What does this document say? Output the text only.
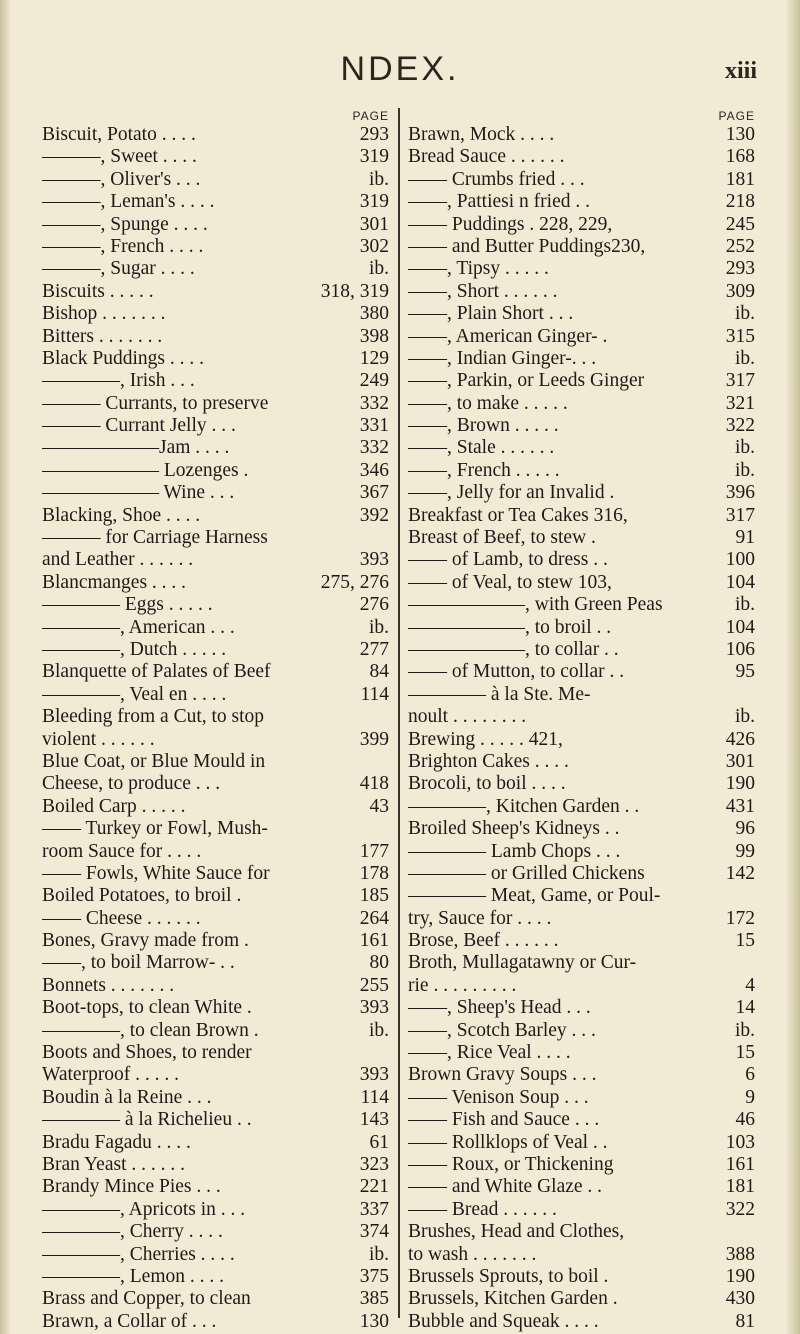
NDEX.	xiii
PAGE
Biscuit, Potato . . . .	293
———, Sweet . . . .	319
———, Oliver's . . .	ib.
———, Leman's . . . .	319
———, Spunge . . . .	301
———, French . . . .	302
———, Sugar . . . .	ib.
Biscuits . . . . .	318, 319
Bishop . . . . . . .	380
Bitters . . . . . . .	398
Black Puddings . . . .	129
————, Irish . . .	249
——— Currants, to preserve	332
——— Currant Jelly . . .	331
——————Jam . . . .	332
—————— Lozenges .	346
—————— Wine . . .	367
Blacking, Shoe . . . .	392
——— for Carriage Harness
and Leather . . . . . .	393
Blancmanges . . . .	275, 276
———— Eggs . . . . .	276
————, American . . .	ib.
————, Dutch . . . . .	277
Blanquette of Palates of Beef	84
————, Veal en . . . .	114
Bleeding from a Cut, to stop
violent . . . . . .	399
Blue Coat, or Blue Mould in
Cheese, to produce . . .	418
Boiled Carp . . . . .	43
—— Turkey or Fowl, Mush-
room Sauce for . . . .	177
—— Fowls, White Sauce for	178
Boiled Potatoes, to broil .	185
—— Cheese . . . . . .	264
Bones, Gravy made from .	161
——, to boil Marrow- . .	80
Bonnets . . . . . . .	255
Boot-tops, to clean White .	393
————, to clean Brown .	ib.
Boots and Shoes, to render
Waterproof . . . . .	393
Boudin à la Reine . . .	114
———— à la Richelieu . .	143
Bradu Fagadu . . . .	61
Bran Yeast . . . . . .	323
Brandy Mince Pies . . .	221
————, Apricots in . . .	337
————, Cherry . . . .	374
————, Cherries . . . .	ib.
————, Lemon . . . .	375
Brass and Copper, to clean	385
Brawn, a Collar of . . .	130
PAGE
Brawn, Mock . . . .	130
Bread Sauce . . . . . .	168
—— Crumbs fried . . .	181
——, Pattiesi n fried . .	218
—— Puddings . 228, 229,	245
—— and Butter Puddings230,	252
——, Tipsy . . . . .	293
——, Short . . . . . .	309
——, Plain Short . . .	ib.
——, American Ginger- .	315
——, Indian Ginger-. . .	ib.
——, Parkin, or Leeds Ginger	317
——, to make . . . . .	321
——, Brown . . . . .	322
——, Stale . . . . . .	ib.
——, French . . . . .	ib.
——, Jelly for an Invalid .	396
Breakfast or Tea Cakes 316,	317
Breast of Beef, to stew .	91
—— of Lamb, to dress . .	100
—— of Veal, to stew 103,	104
——————, with Green Peas	ib.
——————, to broil . .	104
——————, to collar . .	106
—— of Mutton, to collar . .	95
———— à la Ste. Me-
noult . . . . . . . .	ib.
Brewing . . . . . 421,	426
Brighton Cakes . . . .	301
Brocoli, to boil . . . .	190
————, Kitchen Garden . .	431
Broiled Sheep's Kidneys . .	96
———— Lamb Chops . . .	99
———— or Grilled Chickens	142
———— Meat, Game, or Poul-
try, Sauce for . . . .	172
Brose, Beef . . . . . .	15
Broth, Mullagatawny or Cur-
rie . . . . . . . . .	4
——, Sheep's Head . . .	14
——, Scotch Barley . . .	ib.
——, Rice Veal . . . .	15
Brown Gravy Soups . . .	6
—— Venison Soup . . .	9
—— Fish and Sauce . . .	46
—— Rollklops of Veal . .	103
—— Roux, or Thickening	161
—— and White Glaze . .	181
—— Bread . . . . . .	322
Brushes, Head and Clothes,
to wash . . . . . . .	388
Brussels Sprouts, to boil .	190
Brussels, Kitchen Garden .	430
Bubble and Squeak . . . .	81
